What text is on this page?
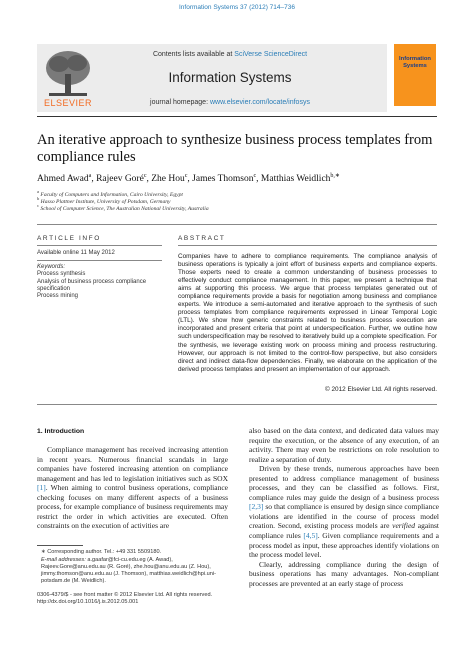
Information Systems 37 (2012) 714–736
ELSEVIER
Contents lists available at SciVerse ScienceDirect
Information Systems
journal homepage: www.elsevier.com/locate/infosys
Information Systems
An iterative approach to synthesize business process templates from compliance rules
Ahmed Awad$^a$, Rajeev Goré$^c$, Zhe Hou$^c$, James Thomson$^c$, Matthias Weidlich$^{b,∗}$
$^a$ Faculty of Computers and Information, Cairo University, Egypt
$^b$ Hasso Plattner Institute, University of Potsdam, Germany
$^c$ School of Computer Science, The Australian National University, Australia
ARTICLE INFO	ABSTRACT
Available online 11 May 2012
Keywords:
Process synthesis
Analysis of business process compliance specification
Process mining
Companies have to adhere to compliance requirements. The compliance analysis of business operations is typically a joint effort of business experts and compliance experts. Those experts need to create a common understanding of business processes to effectively conduct compliance management. In this paper, we present a technique that aims at supporting this process. We argue that process templates generated out of compliance requirements provide a basis for negotiation among business and compliance experts. We introduce a semi-automated and iterative approach to the synthesis of such process templates from compliance requirements expressed in Linear Temporal Logic (LTL). We show how generic constraints related to business process execution are incorporated and present criteria that point at underspecification. Further, we outline how such underspecification may be resolved to iteratively build up a complete specification. For the synthesis, we leverage existing work on process mining and process restructuring. However, our approach is not limited to the control-flow perspective, but also considers direct and indirect data-flow dependencies. Finally, we elaborate on the application of the derived process templates and present an implementation of our approach.
© 2012 Elsevier Ltd. All rights reserved.
1. Introduction

Compliance management has received increasing attention in recent years. Numerous financial scandals in large companies have fostered increasing attention on compliance management and has led to legislation initiatives such as SOX [1]. When aiming to control business operations, compliance checking focuses on many different aspects of a business process, for example compliance of business requirements may restrict the order in which activities are executed. Often constraints on the execution of activities are

also based on the data context, and dedicated data values may require the execution, or the absence of any execution, of an activity. There may even be restrictions on role resolution to realize a separation of duty.

Driven by these trends, numerous approaches have been presented to address compliance management of business processes, and they can be classified as follows. First, compliance rules may guide the design of a business process [2,3] so that compliance is ensured by design since compliance violations are identified in the course of process model creation. Second, existing process models are verified against compliance rules [4,5]. Given compliance requirements and a process model as input, these approaches identify violations on the process model level.

Clearly, addressing compliance during the design of business operations has many advantages. Non-compliant processes are prevented at an early stage of process

∗ Corresponding author. Tel.: +49 331 5509180.
E-mail addresses: a.gaafar@fci-cu.edu.eg (A. Awad), Rajeev.Gore@anu.edu.au (R. Goré), zhe.hou@anu.edu.au (Z. Hou), jimmy.thomson@anu.edu.au (J. Thomson), matthias.weidlich@hpi.uni-potsdam.de (M. Weidlich).
0306-4379/$ - see front matter © 2012 Elsevier Ltd. All rights reserved.
http://dx.doi.org/10.1016/j.is.2012.05.001
